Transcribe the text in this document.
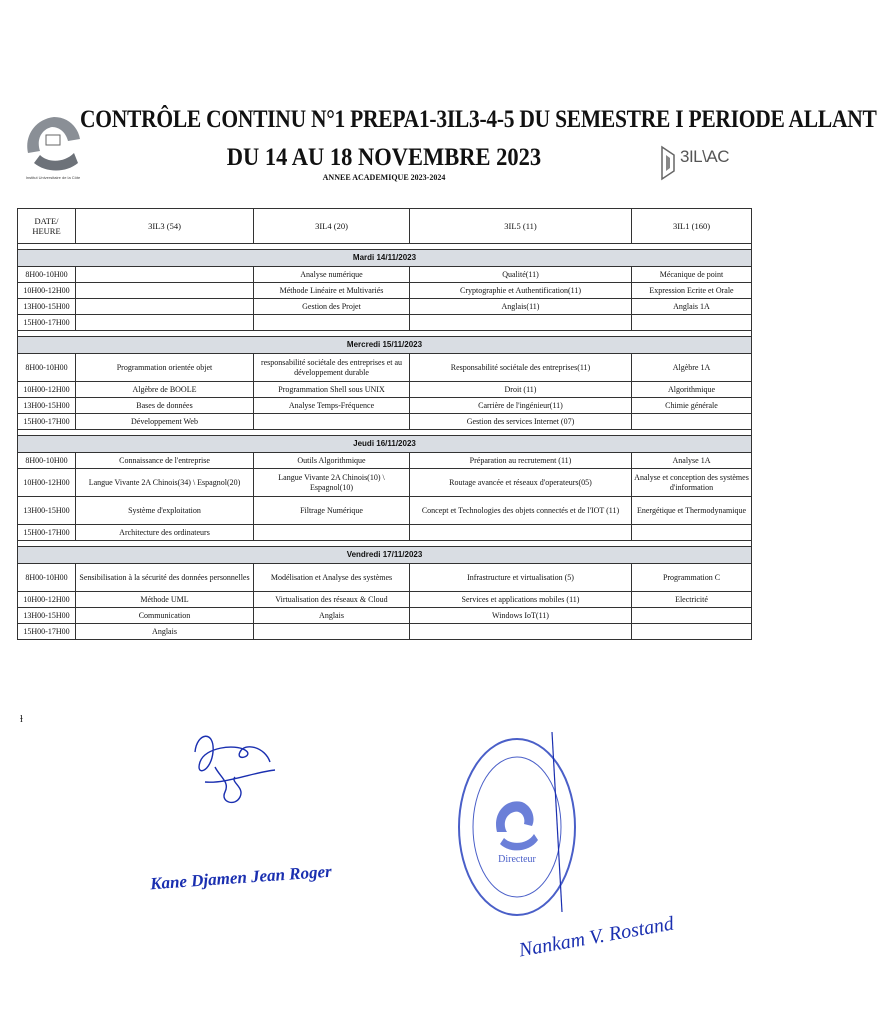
Institut Universitaire de la Côte
CONTRÔLE CONTINU N°1 PREPA1-3IL3-4-5 DU SEMESTRE I PERIODE ALLANT
DU 14 AU 18 NOVEMBRE 2023
ANNEE ACADEMIQUE 2023-2024
3IL\AC
DATE/ HEURE	3IL3 (54)	3IL4 (20)	3IL5 (11)	3IL1 (160)

Mardi 14/11/2023				
8H00-10H00		Analyse numérique	Qualité(11)	Mécanique de point
10H00-12H00		Méthode Linéaire et Multivariés	Cryptographie et Authentification(11)	Expression Ecrite et Orale
13H00-15H00		Gestion des Projet	Anglais(11)	Anglais 1A
15H00-17H00				

Mercredi 15/11/2023				
8H00-10H00	Programmation orientée objet	responsabilité sociétale des entreprises et au développement durable	Responsabilité sociétale des entreprises(11)	Algèbre 1A
10H00-12H00	Algèbre de BOOLE	Programmation Shell sous UNIX	Droit (11)	Algorithmique
13H00-15H00	Bases de données	Analyse Temps-Fréquence	Carrière de l'ingénieur(11)	Chimie générale
15H00-17H00	Développement Web		Gestion des services Internet (07)	

Jeudi 16/11/2023				
8H00-10H00	Connaissance de l'entreprise	Outils Algorithmique	Préparation au recrutement (11)	Analyse 1A
10H00-12H00	Langue Vivante 2A Chinois(34) \ Espagnol(20)	Langue Vivante 2A Chinois(10) \ Espagnol(10)	Routage avancée et réseaux d'operateurs(05)	Analyse et conception des systèmes d'information
13H00-15H00	Système d'exploitation	Filtrage Numérique	Concept et Technologies des objets connectés et de l'IOT (11)	Energétique et Thermodynamique
15H00-17H00	Architecture des ordinateurs			

Vendredi 17/11/2023				
8H00-10H00	Sensibilisation à la sécurité des données personnelles	Modélisation et Analyse des systèmes	Infrastructure et virtualisation (5)	Programmation C
10H00-12H00	Méthode UML	Virtualisation des réseaux & Cloud	Services et applications mobiles (11)	Electricité
13H00-15H00	Communication	Anglais	Windows IoT(11)	
15H00-17H00	Anglais			
ɫ
Kane Djamen Jean Roger
Directeur
Nankam V. Rostand
